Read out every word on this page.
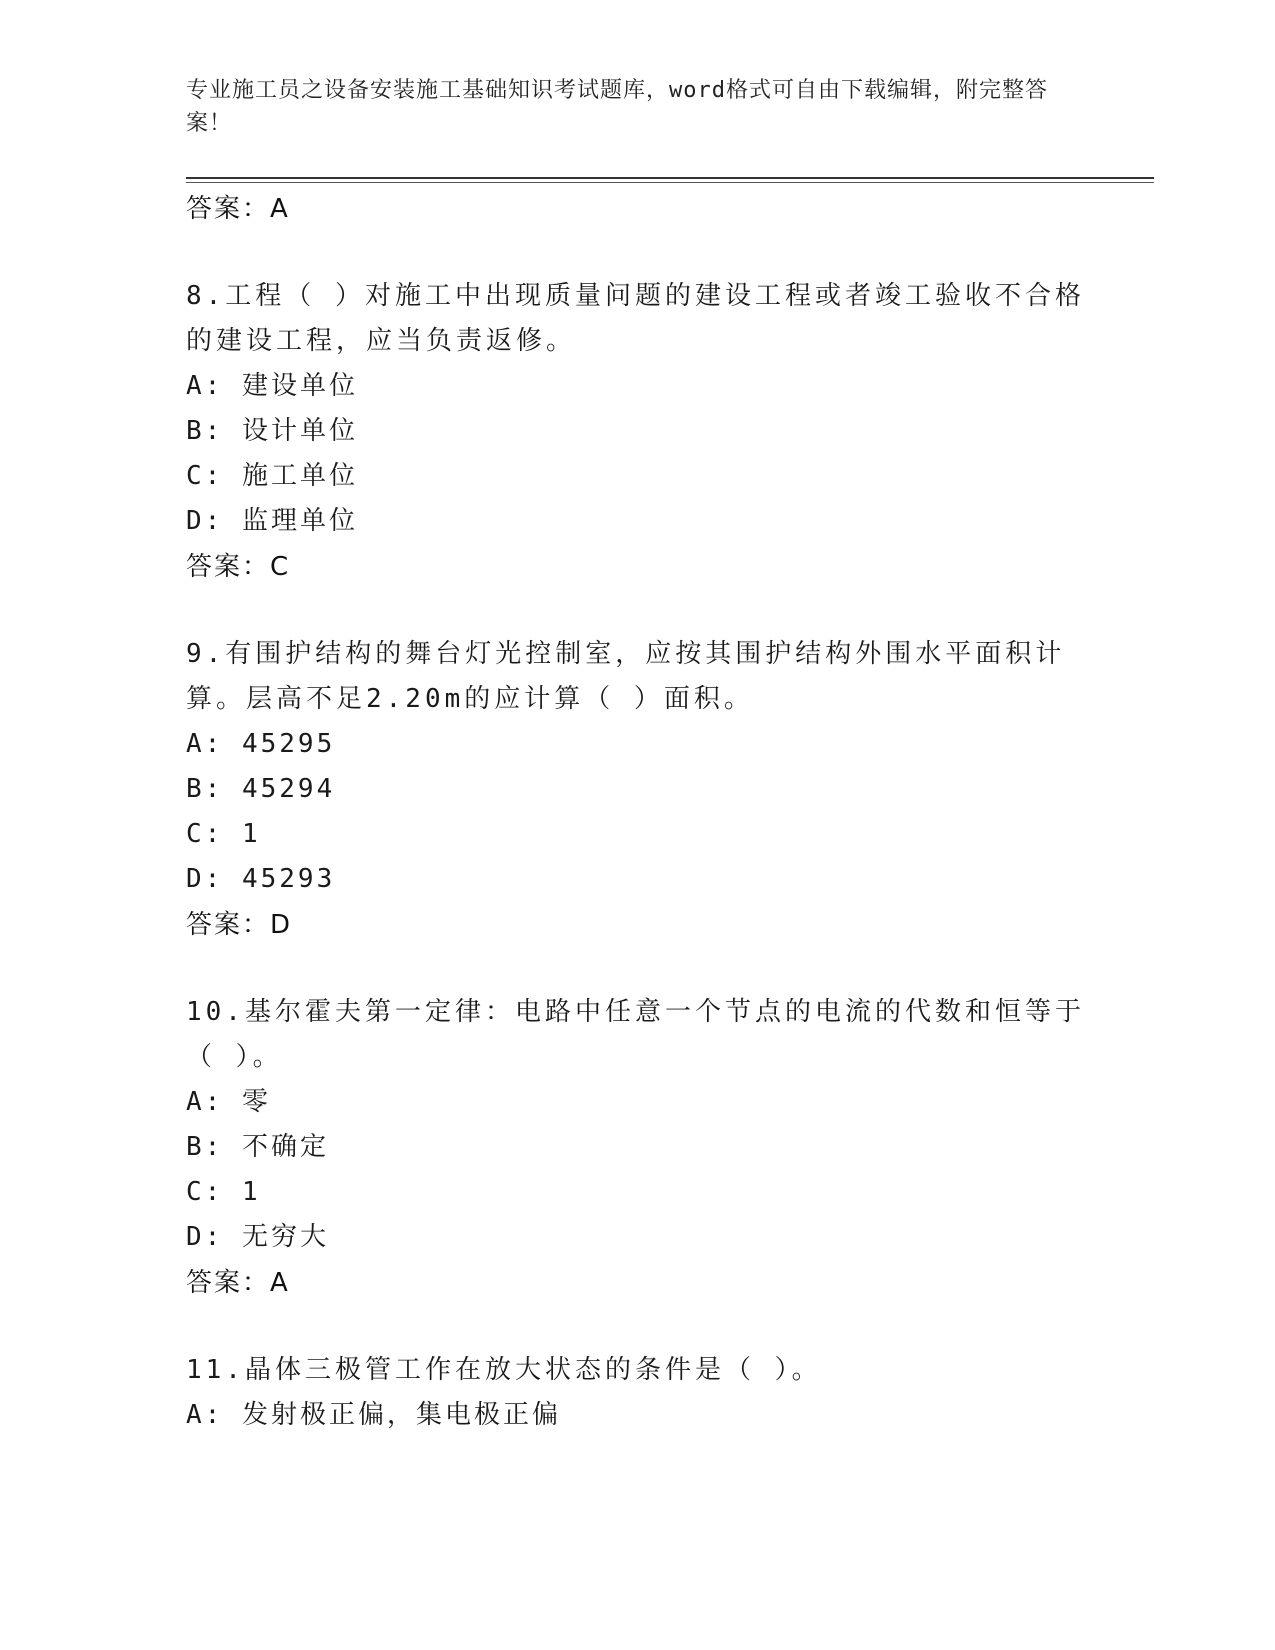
专业施工员之设备安装施工基础知识考试题库，word格式可自由下载编辑，附完整答案！
答案：A
8.工程（ ）对施工中出现质量问题的建设工程或者竣工验收不合格的建设工程，应当负责返修。
A: 建设单位
B: 设计单位
C: 施工单位
D: 监理单位
答案：C
9.有围护结构的舞台灯光控制室，应按其围护结构外围水平面积计算。层高不足2.20m的应计算（ ）面积。
A: 45295
B: 45294
C: 1
D: 45293
答案：D
10.基尔霍夫第一定律：电路中任意一个节点的电流的代数和恒等于（ ）。
A: 零
B: 不确定
C: 1
D: 无穷大
答案：A
11.晶体三极管工作在放大状态的条件是（ ）。
A: 发射极正偏，集电极正偏
